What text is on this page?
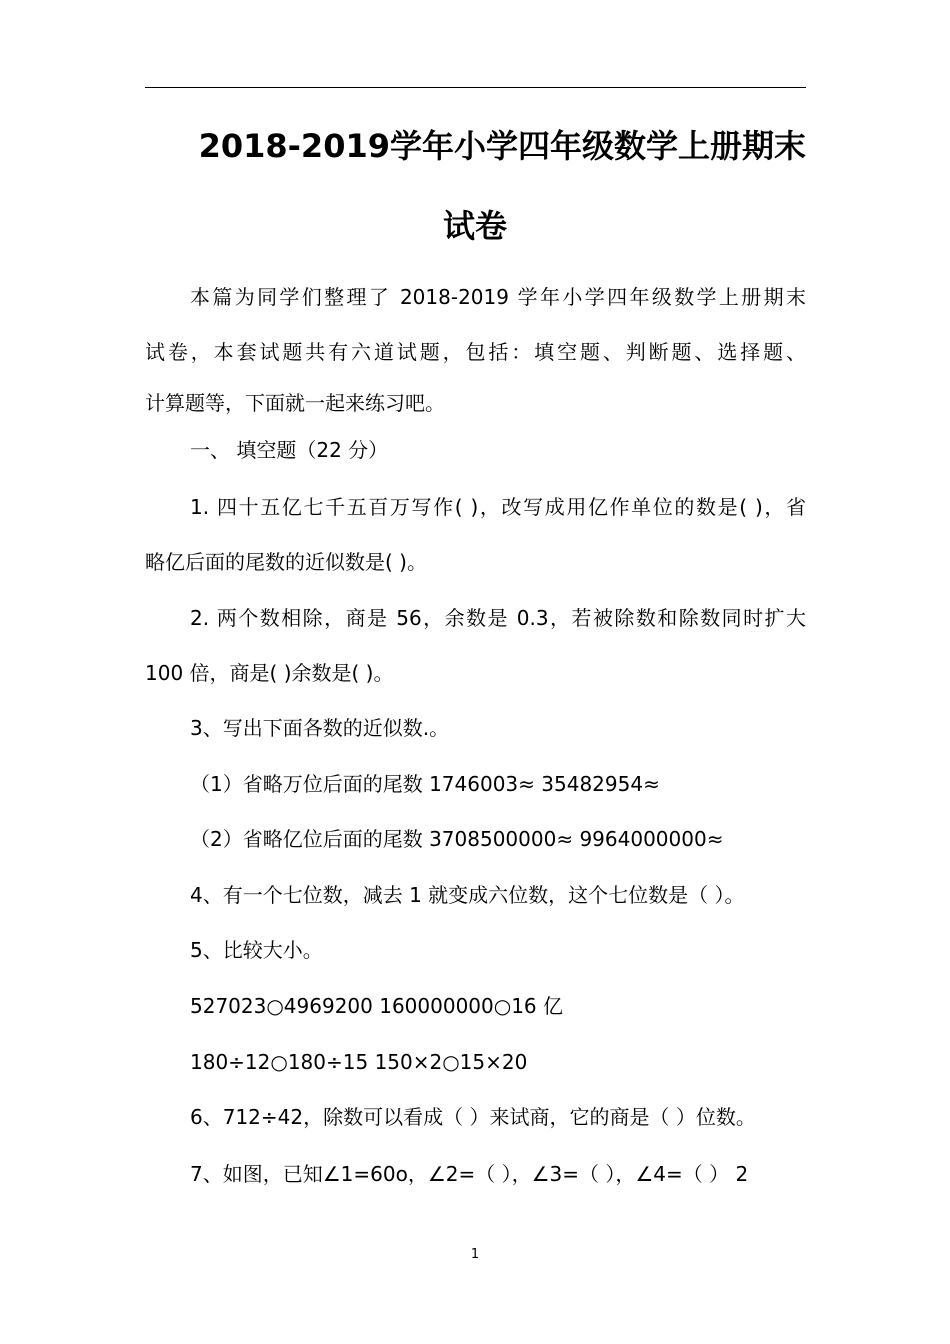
2018-2019学年小学四年级数学上册期末
试卷
本篇为同学们整理了 2018-2019 学年小学四年级数学上册期末
试卷，本套试题共有六道试题，包括：填空题、判断题、选择题、
计算题等，下面就一起来练习吧。
一、 填空题（22 分）
1. 四十五亿七千五百万写作( )，改写成用亿作单位的数是( )，省
略亿后面的尾数的近似数是( )。
2. 两个数相除，商是 56，余数是 0.3，若被除数和除数同时扩大
100 倍，商是( )余数是( )。
3、写出下面各数的近似数.。
（1）省略万位后面的尾数 1746003≈ 35482954≈
（2）省略亿位后面的尾数 3708500000≈ 9964000000≈
4、有一个七位数，减去 1 就变成六位数，这个七位数是（ ）。
5、比较大小。
527023○4969200 160000000○16 亿
180÷12○180÷15 150×2○15×20
6、712÷42，除数可以看成（ ）来试商，它的商是（ ）位数。
7、如图，已知∠1=60o，∠2=（ ），∠3=（ ），∠4=（ ） 2
1
